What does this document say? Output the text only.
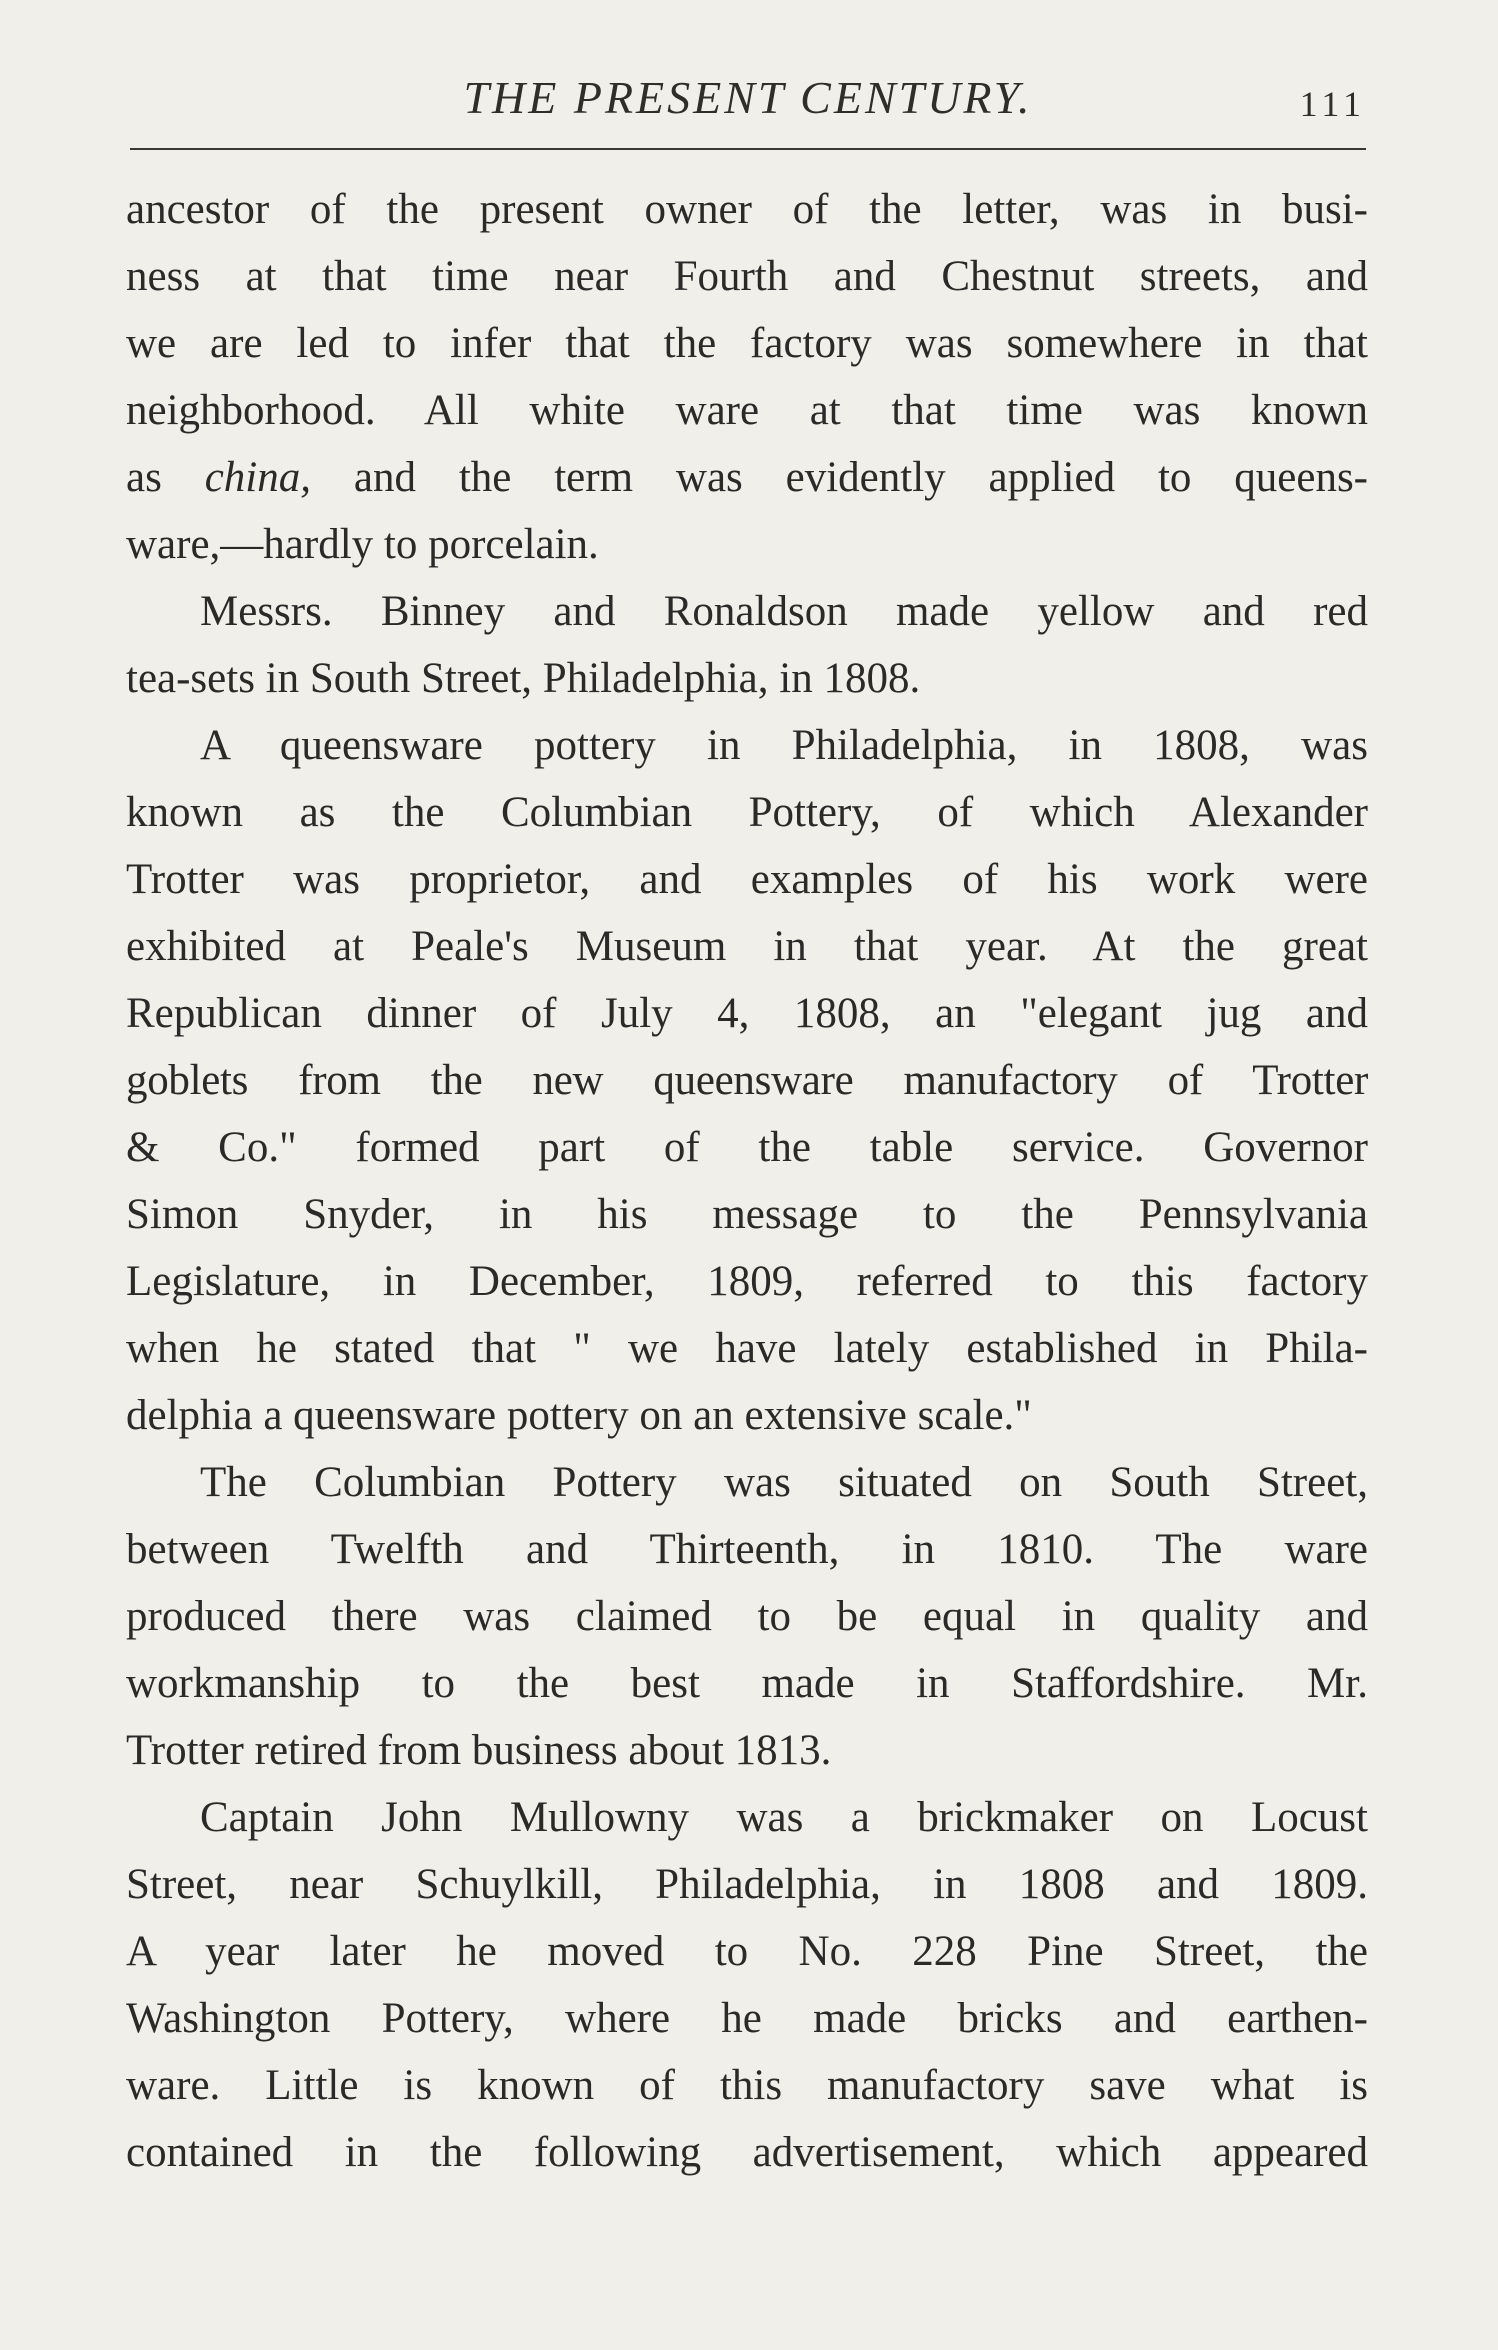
THE PRESENT CENTURY.	111
ancestor of the present owner of the letter, was in busi-
ness at that time near Fourth and Chestnut streets, and
we are led to infer that the factory was somewhere in that
neighborhood. All white ware at that time was known
as china, and the term was evidently applied to queens-
ware,—hardly to porcelain.
Messrs. Binney and Ronaldson made yellow and red
tea-sets in South Street, Philadelphia, in 1808.
A queensware pottery in Philadelphia, in 1808, was
known as the Columbian Pottery, of which Alexander
Trotter was proprietor, and examples of his work were
exhibited at Peale's Museum in that year. At the great
Republican dinner of July 4, 1808, an "elegant jug and
goblets from the new queensware manufactory of Trotter
& Co." formed part of the table service. Governor
Simon Snyder, in his message to the Pennsylvania
Legislature, in December, 1809, referred to this factory
when he stated that " we have lately established in Phila-
delphia a queensware pottery on an extensive scale."
The Columbian Pottery was situated on South Street,
between Twelfth and Thirteenth, in 1810. The ware
produced there was claimed to be equal in quality and
workmanship to the best made in Staffordshire. Mr.
Trotter retired from business about 1813.
Captain John Mullowny was a brickmaker on Locust
Street, near Schuylkill, Philadelphia, in 1808 and 1809.
A year later he moved to No. 228 Pine Street, the
Washington Pottery, where he made bricks and earthen-
ware. Little is known of this manufactory save what is
contained in the following advertisement, which appeared
